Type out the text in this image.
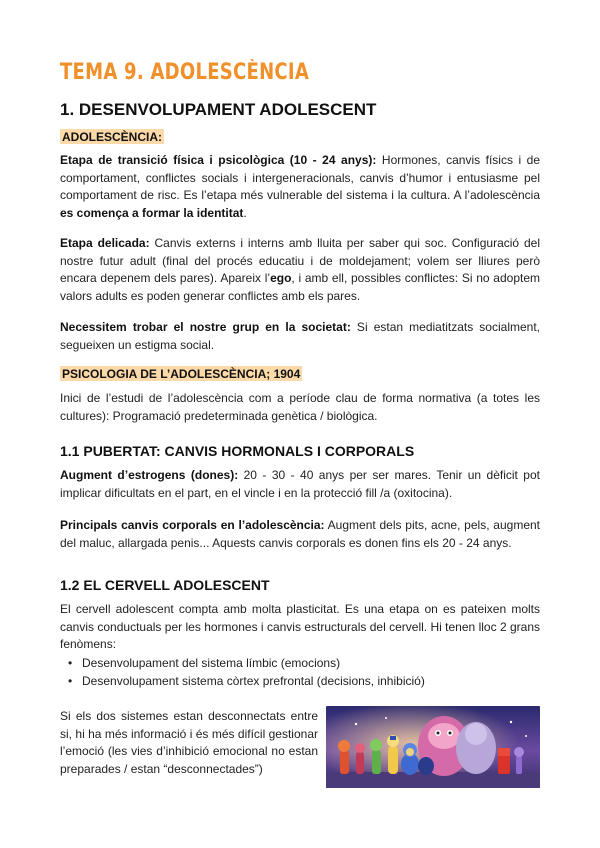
TEMA 9. ADOLESCÈNCIA
1. DESENVOLUPAMENT ADOLESCENT
ADOLESCÈNCIA:

Etapa de transició física i psicològica (10 - 24 anys): Hormones, canvis físics i de comportament, conflictes socials i intergeneracionals, canvis d’humor i entusiasme pel comportament de risc. Es l’etapa més vulnerable del sistema i la cultura. A l’adolescència es comença a formar la identitat.

Etapa delicada: Canvis externs i interns amb lluita per saber qui soc. Configuració del nostre futur adult (final del procés educatiu i de moldejament; volem ser lliures però encara depenem dels pares). Apareix l’ego, i amb ell, possibles conflictes: Si no adoptem valors adults es poden generar conflictes amb els pares.

Necessitem trobar el nostre grup en la societat: Si estan mediatitzats socialment, segueixen un estigma social.

PSICOLOGIA DE L’ADOLESCÈNCIA; 1904

Inici de l’estudi de l’adolescència com a període clau de forma normativa (a totes les cultures): Programació predeterminada genètica / biològica.

1.1 PUBERTAT: CANVIS HORMONALS I CORPORALS

Augment d’estrogens (dones): 20 - 30 - 40 anys per ser mares. Tenir un dèficit pot implicar dificultats en el part, en el vincle i en la protecció fill /a (oxitocina).

Principals canvis corporals en l’adolescència: Augment dels pits, acne, pels, augment del maluc, allargada penis... Aquests canvis corporals es donen fins els 20 - 24 anys.

1.2 EL CERVELL ADOLESCENT

El cervell adolescent compta amb molta plasticitat. Es una etapa on es pateixen molts canvis conductuals per les hormones i canvis estructurals del cervell. Hi tenen lloc 2 grans fenòmens:

• Desenvolupament del sistema límbic (emocions)
• Desenvolupament sistema còrtex prefrontal (decisions, inhibició)

Si els dos sistemes estan desconnectats entre si, hi ha més informació i és més difícil gestionar l’emoció (les vies d’inhibició emocional no estan preparades / estan “desconnectades”)
